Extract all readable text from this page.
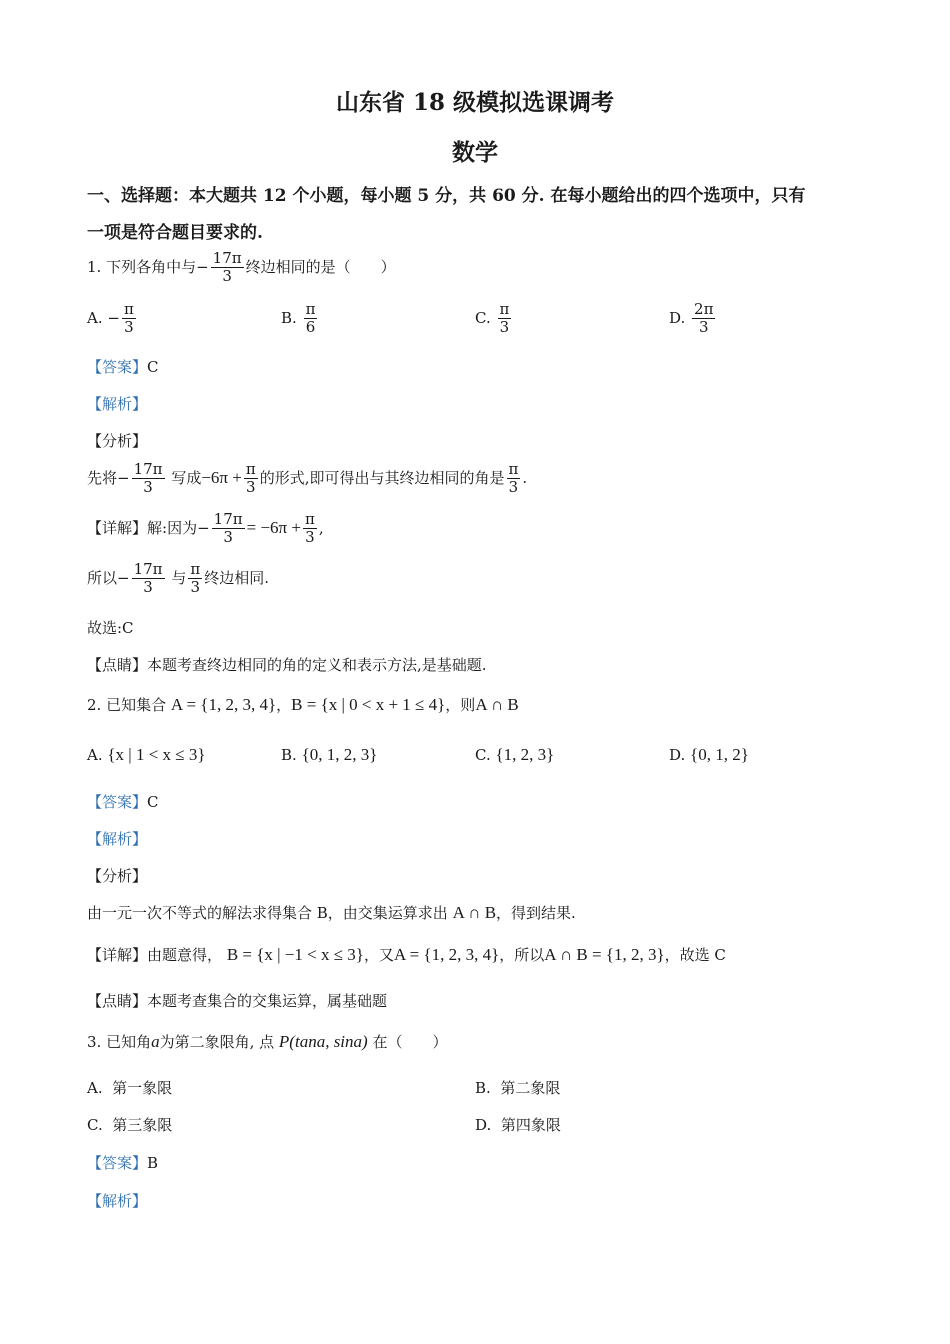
山东省 18 级模拟选课调考
数学
一、选择题：本大题共 12 个小题，每小题 5 分，共 60 分. 在每小题给出的四个选项中，只有
一项是符合题目要求的.
1. 下列各角中与− $\frac{17\pi}{3}$ 终边相同的是（　　）
A. − $\frac{\pi}{3}$	B. $\frac{\pi}{6}$	C. $\frac{\pi}{3}$	D. $\frac{2\pi}{3}$
【答案】C
【解析】
【分析】
先将− $\frac{17\pi}{3}$ 写成$-6\pi + \frac{\pi}{3}$ 的形式,即可得出与其终边相同的角是 $\frac{\pi}{3}$ .
【详解】解:因为− $\frac{17\pi}{3} = -6\pi + \frac{\pi}{3}$ ,
所以− $\frac{17\pi}{3}$ 与 $\frac{\pi}{3}$ 终边相同.
故选:C
【点睛】本题考查终边相同的角的定义和表示方法,是基础题.
2. 已知集合 A = {1, 2, 3, 4}，B = {x | 0 < x + 1 ≤ 4}，则A ∩ B
A. {x | 1 < x ≤ 3}	B. {0, 1, 2, 3}	C. {1, 2, 3}	D. {0, 1, 2}
【答案】C
【解析】
【分析】
由一元一次不等式的解法求得集合 B，由交集运算求出 A ∩ B，得到结果.
【详解】由题意得， B = {x | −1 < x ≤ 3}，又A = {1, 2, 3, 4}，所以A ∩ B = {1, 2, 3}，故选 C
【点睛】本题考查集合的交集运算，属基础题
3. 已知角a为第二象限角, 点 P(tana, sina) 在（　　）
A. 第一象限	B. 第二象限
C. 第三象限	D. 第四象限
【答案】B
【解析】
